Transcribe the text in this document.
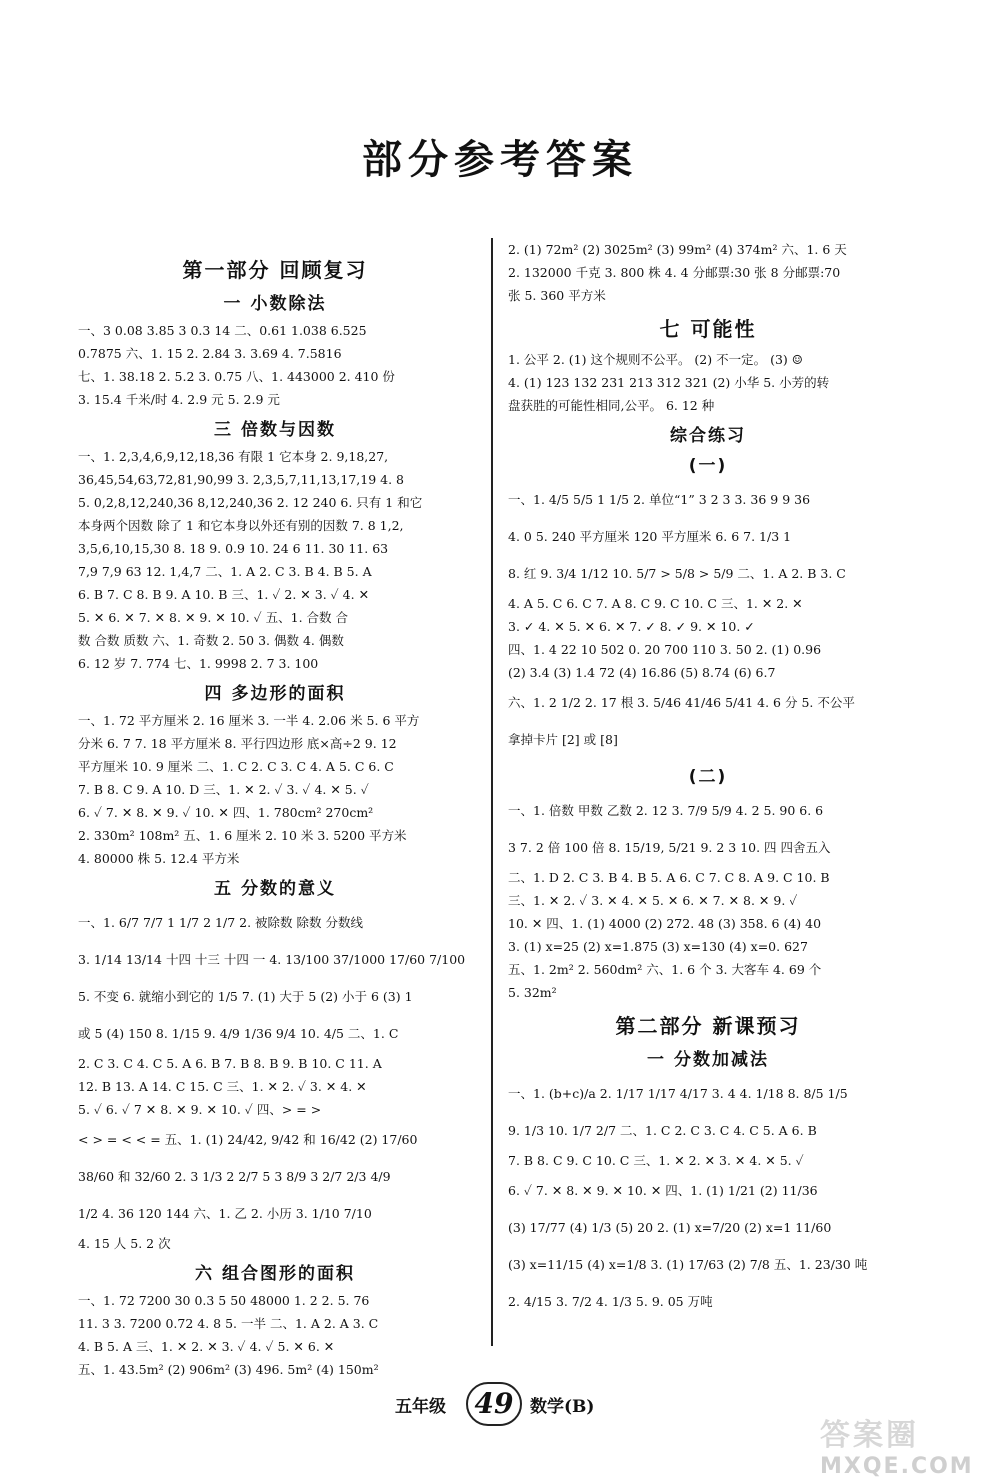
部分参考答案
第一部分 回顾复习
一 小数除法
一、3 0.08 3.85 3 0.3 14 二、0.61 1.038 6.525
0.7875 六、1. 15 2. 2.84 3. 3.69 4. 7.5816
七、1. 38.18 2. 5.2 3. 0.75 八、1. 443000 2. 410 份
3. 15.4 千米/时 4. 2.9 元 5. 2.9 元
三 倍数与因数
一、1. 2,3,4,6,9,12,18,36 有限 1 它本身 2. 9,18,27,
36,45,54,63,72,81,90,99 3. 2,3,5,7,11,13,17,19 4. 8
5. 0,2,8,12,240,36 8,12,240,36 2. 12 240 6. 只有 1 和它
本身两个因数 除了 1 和它本身以外还有别的因数 7. 8 1,2,
3,5,6,10,15,30 8. 18 9. 0.9 10. 24 6 11. 30 11. 63
7,9 7,9 63 12. 1,4,7 二、1. A 2. C 3. B 4. B 5. A
6. B 7. C 8. B 9. A 10. B 三、1. ✓ 2. ✕ 3. ✓ 4. ✕
5. ✕ 6. ✕ 7. ✕ 8. ✕ 9. ✕ 10. ✓ 五、1. 合数 合
数 合数 质数 六、1. 奇数 2. 50 3. 偶数 4. 偶数
6. 12 岁 7. 774 七、1. 9998 2. 7 3. 100
四 多边形的面积
一、1. 72 平方厘米 2. 16 厘米 3. 一半 4. 2.06 米 5. 6 平方
分米 6. 7 7. 18 平方厘米 8. 平行四边形 底×高÷2 9. 12
平方厘米 10. 9 厘米 二、1. C 2. C 3. C 4. A 5. C 6. C
7. B 8. C 9. A 10. D 三、1. ✕ 2. ✓ 3. ✓ 4. ✕ 5. ✓
6. ✓ 7. ✕ 8. ✕ 9. ✓ 10. ✕ 四、1. 780cm² 270cm²
2. 330m² 108m² 五、1. 6 厘米 2. 10 米 3. 5200 平方米
4. 80000 株 5. 12.4 平方米
五 分数的意义
一、1. 6/7 7/7 1 1/7 2 1/7 2. 被除数 除数 分数线
3. 1/14 13/14 十四 十三 十四 一 4. 13/100 37/1000 17/60 7/100
5. 不变 6. 就缩小到它的 1/5 7. (1) 大于 5 (2) 小于 6 (3) 1
或 5 (4) 150 8. 1/15 9. 4/9 1/36 9/4 10. 4/5 二、1. C
2. C 3. C 4. C 5. A 6. B 7. B 8. B 9. B 10. C 11. A
12. B 13. A 14. C 15. C 三、1. ✕ 2. ✓ 3. ✕ 4. ✕
5. ✓ 6. ✓ 7 ✕ 8. ✕ 9. ✕ 10. ✓ 四、> = >
< > = < < = 五、1. (1) 24/42, 9/42 和 16/42 (2) 17/60
38/60 和 32/60 2. 3 1/3 2 2/7 5 3 8/9 3 2/7 2/3 4/9
1/2 4. 36 120 144 六、1. 乙 2. 小历 3. 1/10 7/10
4. 15 人 5. 2 次
六 组合图形的面积
一、1. 72 7200 30 0.3 5 50 48000 1. 2 2. 5. 76
11. 3 3. 7200 0.72 4. 8 5. 一半 二、1. A 2. A 3. C
4. B 5. A 三、1. ✕ 2. ✕ 3. ✓ 4. ✓ 5. ✕ 6. ✕
五、1. 43.5m² (2) 906m² (3) 496. 5m² (4) 150m²
2. (1) 72m² (2) 3025m² (3) 99m² (4) 374m² 六、1. 6 天
2. 132000 千克 3. 800 株 4. 4 分邮票:30 张 8 分邮票:70
张 5. 360 平方米
七 可能性
1. 公平 2. (1) 这个规则不公平。 (2) 不一定。 (3) ☺
4. (1) 123 132 231 213 312 321 (2) 小华 5. 小芳的转
盘获胜的可能性相同,公平。 6. 12 种
综合练习
(一)
一、1. 4/5 5/5 1 1/5 2. 单位“1” 3 2 3 3. 36 9 9 36
4. 0 5. 240 平方厘米 120 平方厘米 6. 6 7. 1/3 1
8. 红 9. 3/4 1/12 10. 5/7 > 5/8 > 5/9 二、1. A 2. B 3. C
4. A 5. C 6. C 7. A 8. C 9. C 10. C 三、1. ✕ 2. ✕
3. ✓ 4. ✕ 5. ✕ 6. ✕ 7. ✓ 8. ✓ 9. ✕ 10. ✓
四、1. 4 22 10 502 0. 20 700 110 3. 50 2. (1) 0.96
(2) 3.4 (3) 1.4 72 (4) 16.86 (5) 8.74 (6) 6.7
六、1. 2 1/2 2. 17 根 3. 5/46 41/46 5/41 4. 6 分 5. 不公平
拿掉卡片 [2] 或 [8]
(二)
一、1. 倍数 甲数 乙数 2. 12 3. 7/9 5/9 4. 2 5. 90 6. 6
3 7. 2 倍 100 倍 8. 15/19, 5/21 9. 2 3 10. 四 四舍五入
二、1. D 2. C 3. B 4. B 5. A 6. C 7. C 8. A 9. C 10. B
三、1. ✕ 2. ✓ 3. ✕ 4. ✕ 5. ✕ 6. ✕ 7. ✕ 8. ✕ 9. ✓
10. ✕ 四、1. (1) 4000 (2) 272. 48 (3) 358. 6 (4) 40
3. (1) x=25 (2) x=1.875 (3) x=130 (4) x=0. 627
五、1. 2m² 2. 560dm² 六、1. 6 个 3. 大客车 4. 69 个
5. 32m²
第二部分 新课预习
一 分数加减法
一、1. (b+c)/a 2. 1/17 1/17 4/17 3. 4 4. 1/18 8. 8/5 1/5
9. 1/3 10. 1/7 2/7 二、1. C 2. C 3. C 4. C 5. A 6. B
7. B 8. C 9. C 10. C 三、1. ✕ 2. ✕ 3. ✕ 4. ✕ 5. ✓
6. ✓ 7. ✕ 8. ✕ 9. ✕ 10. ✕ 四、1. (1) 1/21 (2) 11/36
(3) 17/77 (4) 1/3 (5) 20 2. (1) x=7/20 (2) x=1 11/60
(3) x=11/15 (4) x=1/8 3. (1) 17/63 (2) 7/8 五、1. 23/30 吨
2. 4/15 3. 7/2 4. 1/3 5. 9. 05 万吨
五年级	49 数学(B)
答案圈
MXQE.COM
